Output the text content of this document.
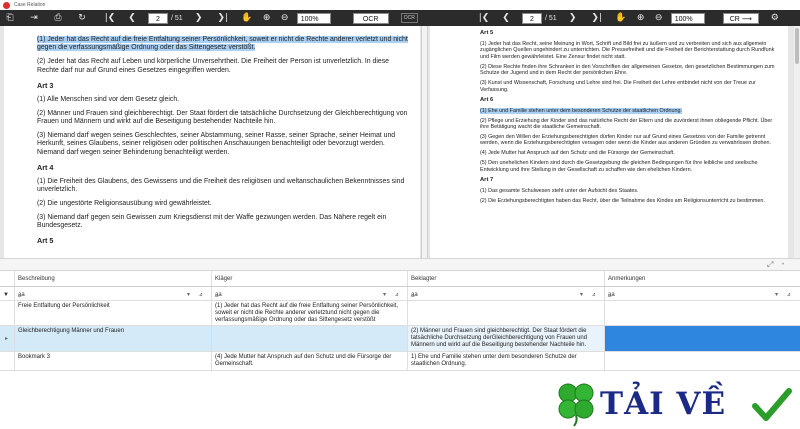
Case Relation
⎗ ⇥ ⎙ ↻ |❮ ❮	2	/ 51 ❯ ❯| ✋ ⊕ ⊖	100%	OCR	OCR	|❮ ❮	2	/ 51 ❯ ❯| ✋ ⊕ ⊖	100%	CR ⟶	⚙

(1) Jeder hat das Recht auf die freie Entfaltung seiner Persönlichkeit, soweit er nicht die Rechte anderer verletzt und nicht gegen die verfassungsmäßige Ordnung oder das Sittengesetz verstößt.

(2) Jeder hat das Recht auf Leben und körperliche Unversehrtheit. Die Freiheit der Person ist unverletzlich. In diese Rechte darf nur auf Grund eines Gesetzes eingegriffen werden.

Art 3

(1) Alle Menschen sind vor dem Gesetz gleich.

(2) Männer und Frauen sind gleichberechtigt. Der Staat fördert die tatsächliche Durchsetzung der Gleichberechtigung von Frauen und Männern und wirkt auf die Beseitigung bestehender Nachteile hin.

(3) Niemand darf wegen seines Geschlechtes, seiner Abstammung, seiner Rasse, seiner Sprache, seiner Heimat und Herkunft, seines Glaubens, seiner religiösen oder politischen Anschauungen benachteiligt oder bevorzugt werden. Niemand darf wegen seiner Behinderung benachteiligt werden.

Art 4

(1) Die Freiheit des Glaubens, des Gewissens und die Freiheit des religiösen und weltanschaulichen Bekenntnisses sind unverletzlich.

(2) Die ungestörte Religionsausübung wird gewährleistet.

(3) Niemand darf gegen sein Gewissen zum Kriegsdienst mit der Waffe gezwungen werden. Das Nähere regelt ein Bundesgesetz.

Art 5

Art 5

(1) Jeder hat das Recht, seine Meinung in Wort, Schrift und Bild frei zu äußern und zu verbreiten und sich aus allgemein zugänglichen Quellen ungehindert zu unterrichten. Die Pressefreiheit und die Freiheit der Berichterstattung durch Rundfunk und Film werden gewährleistet. Eine Zensur findet nicht statt.

(2) Diese Rechte finden ihre Schranken in den Vorschriften der allgemeinen Gesetze, den gesetzlichen Bestimmungen zum Schutze der Jugend und in dem Recht der persönlichen Ehre.

(3) Kunst und Wissenschaft, Forschung und Lehre sind frei. Die Freiheit der Lehre entbindet nicht von der Treue zur Verfassung.

Art 6

(1) Ehe und Familie stehen unter dem besonderen Schutze der staatlichen Ordnung.

(2) Pflege und Erziehung der Kinder sind das natürliche Recht der Eltern und die zuvörderst ihnen obliegende Pflicht. Über ihre Betätigung wacht die staatliche Gemeinschaft.

(3) Gegen den Willen der Erziehungsberechtigten dürfen Kinder nur auf Grund eines Gesetzes von der Familie getrennt werden, wenn die Erziehungsberechtigten versagen oder wenn die Kinder aus anderen Gründen zu verwahrlosen drohen.

(4) Jede Mutter hat Anspruch auf den Schutz und die Fürsorge der Gemeinschaft.

(5) Den unehelichen Kindern sind durch die Gesetzgebung die gleichen Bedingungen für ihre leibliche und seelische Entwicklung und ihre Stellung in der Gesellschaft zu schaffen wie den ehelichen Kindern.

Art 7

(1) Das gesamte Schulwesen steht unter der Aufsicht des Staates.

(2) Die Erziehungsberechtigten haben das Recht, über die Teilnahme des Kindes am Religionsunterricht zu bestimmen.

⤢ •
Beschreibung	Kläger	Beklagter	Anmerkungen
▼	a̲a	▾ ⦨	a̲a	▾ ⦨	a̲a	▾ ⦨	a̲a	▾ ⦨
Freie Entfaltung der Persönlichkeit	(1) Jeder hat das Recht auf die freie Entfaltung seiner Persönlichkeit, soweit er nicht die Rechte anderer verletztund nicht gegen die verfassungsmäßige Ordnung oder das Sittengesetz verstößt
▸
Gleichberechtigung Männer und Frauen	(2) Männer und Frauen sind gleichberechtigt. Der Staat fördert die tatsächliche Durchsetzung derGleichberechtigung von Frauen und Männern und wirkt auf die Beseitigung bestehender Nachteile hin.
Bookmark 3	(4) Jede Mutter hat Anspruch auf den Schutz und die Fürsorge der Gemeinschaft.
1) Ehe und Familie stehen unter dem besonderen Schutze der staatlichen Ordnung.
TẢI VỀ
